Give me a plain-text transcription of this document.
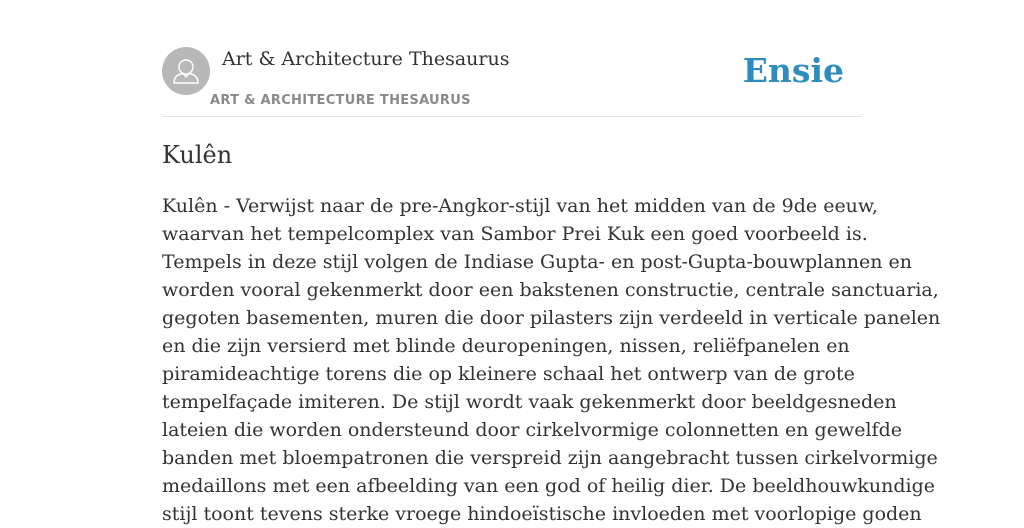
Art & Architecture Thesaurus
ART & ARCHITECTURE THESAURUS
Ensie
Kulên

Kulên - Verwijst naar de pre-Angkor-stijl van het midden van de 9de eeuw,
waarvan het tempelcomplex van Sambor Prei Kuk een goed voorbeeld is.
Tempels in deze stijl volgen de Indiase Gupta- en post-Gupta-bouwplannen en
worden vooral gekenmerkt door een bakstenen constructie, centrale sanctuaria,
gegoten basementen, muren die door pilasters zijn verdeeld in verticale panelen
en die zijn versierd met blinde deuropeningen, nissen, reliëfpanelen en
piramideachtige torens die op kleinere schaal het ontwerp van de grote
tempelfaçade imiteren. De stijl wordt vaak gekenmerkt door beeldgesneden
lateien die worden ondersteund door cirkelvormige colonnetten en gewelfde
banden met bloempatronen die verspreid zijn aangebracht tussen cirkelvormige
medaillons met een afbeelding van een god of heilig dier. De beeldhouwkundige
stijl toont tevens sterke vroege hindoeïstische invloeden met voorlopige goden
